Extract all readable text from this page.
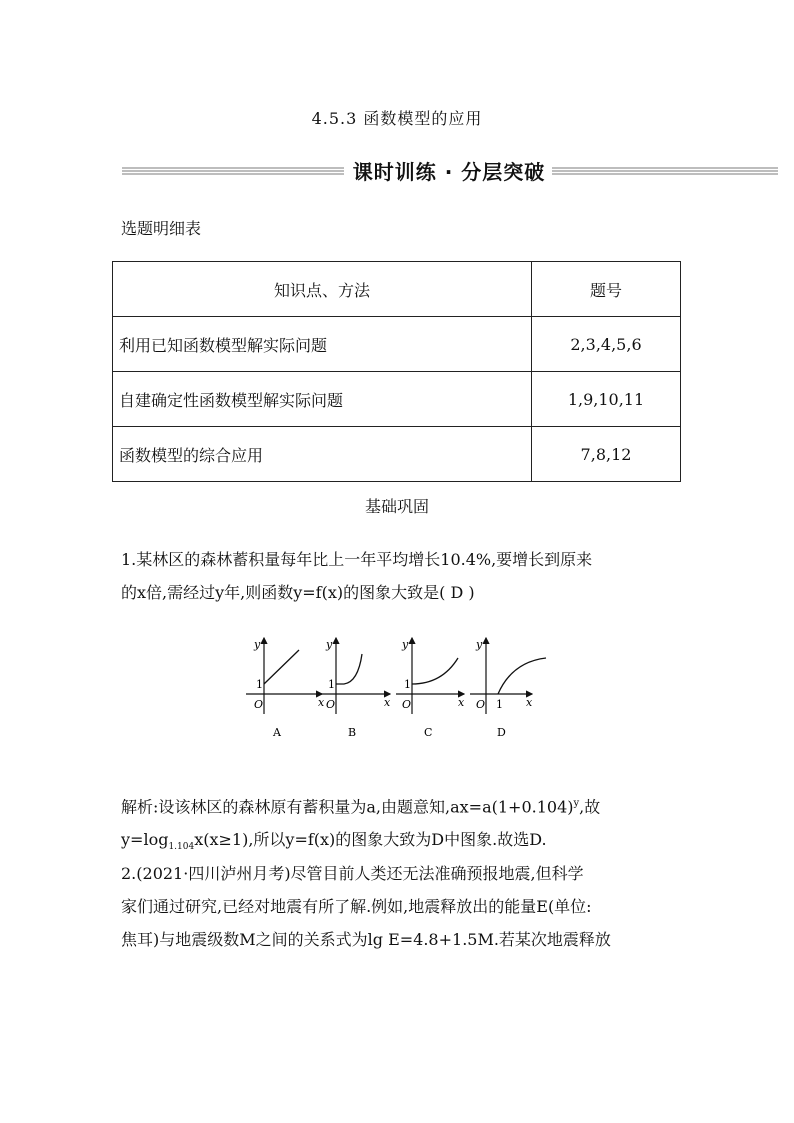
4.5.3 函数模型的应用
课时训练 · 分层突破
选题明细表
知识点、方法	题号
利用已知函数模型解实际问题	2,3,4,5,6
自建确定性函数模型解实际问题	1,9,10,11
函数模型的综合应用	7,8,12
基础巩固
1.某林区的森林蓄积量每年比上一年平均增长10.4%,要增长到原来
的x倍,需经过y年,则函数y=f(x)的图象大致是( D )
y
x
O
1
A
y
x
O
1
B
y
x
O
1
C
y
x
O 1
D
解析:设该林区的森林原有蓄积量为a,由题意知$,ax=a(1+0.104)^y$,故
$y=\log_{1.104}x(x\ge 1)$,所以y=f(x)的图象大致为D中图象.故选D.
2.(2021·四川泸州月考)尽管目前人类还无法准确预报地震,但科学
家们通过研究,已经对地震有所了解.例如,地震释放出的能量E(单位:
焦耳)与地震级数M之间的关系式为lg E=4.8+1.5M.若某次地震释放
